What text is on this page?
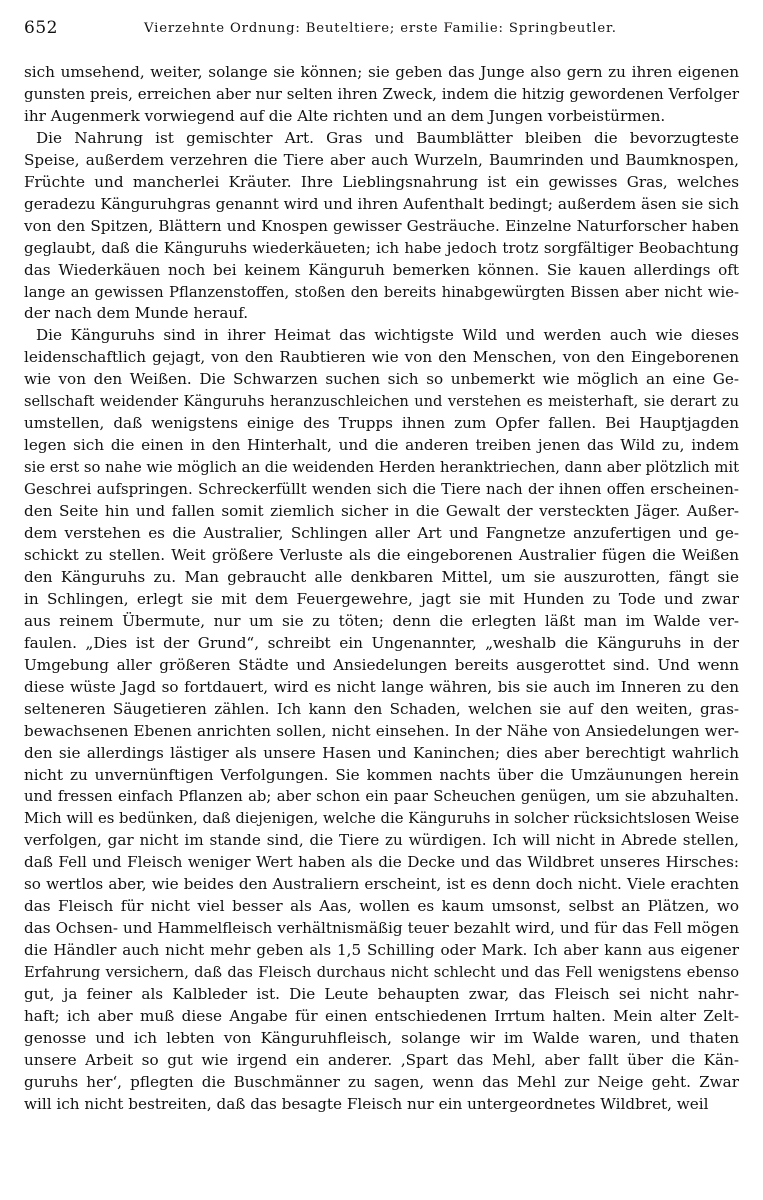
652	Vierzehnte Ordnung: Beuteltiere; erste Familie: Springbeutler.
sich umsehend, weiter, solange sie können; sie geben das Junge also gern zu ihren eigenen
gunsten preis, erreichen aber nur selten ihren Zweck, indem die hitzig gewordenen Verfolger
ihr Augenmerk vorwiegend auf die Alte richten und an dem Jungen vorbeistürmen.
Die Nahrung ist gemischter Art. Gras und Baumblätter bleiben die bevorzugteste
Speise, außerdem verzehren die Tiere aber auch Wurzeln, Baumrinden und Baumknospen,
Früchte und mancherlei Kräuter. Ihre Lieblingsnahrung ist ein gewisses Gras, welches
geradezu Känguruhgras genannt wird und ihren Aufenthalt bedingt; außerdem äsen sie sich
von den Spitzen, Blättern und Knospen gewisser Gesträuche. Einzelne Naturforscher haben
geglaubt, daß die Känguruhs wiederkäueten; ich habe jedoch trotz sorgfältiger Beobachtung
das Wiederkäuen noch bei keinem Känguruh bemerken können. Sie kauen allerdings oft
lange an gewissen Pflanzenstoffen, stoßen den bereits hinabgewürgten Bissen aber nicht wie-
der nach dem Munde herauf.
Die Känguruhs sind in ihrer Heimat das wichtigste Wild und werden auch wie dieses
leidenschaftlich gejagt, von den Raubtieren wie von den Menschen, von den Eingeborenen
wie von den Weißen. Die Schwarzen suchen sich so unbemerkt wie möglich an eine Ge-
sellschaft weidender Känguruhs heranzuschleichen und verstehen es meisterhaft, sie derart zu
umstellen, daß wenigstens einige des Trupps ihnen zum Opfer fallen. Bei Hauptjagden
legen sich die einen in den Hinterhalt, und die anderen treiben jenen das Wild zu, indem
sie erst so nahe wie möglich an die weidenden Herden heranktriechen, dann aber plötzlich mit
Geschrei aufspringen. Schreckerfüllt wenden sich die Tiere nach der ihnen offen erscheinen-
den Seite hin und fallen somit ziemlich sicher in die Gewalt der versteckten Jäger. Außer-
dem verstehen es die Australier, Schlingen aller Art und Fangnetze anzufertigen und ge-
schickt zu stellen. Weit größere Verluste als die eingeborenen Australier fügen die Weißen
den Känguruhs zu. Man gebraucht alle denkbaren Mittel, um sie auszurotten, fängt sie
in Schlingen, erlegt sie mit dem Feuergewehre, jagt sie mit Hunden zu Tode und zwar
aus reinem Übermute, nur um sie zu töten; denn die erlegten läßt man im Walde ver-
faulen. „Dies ist der Grund“, schreibt ein Ungenannter, „weshalb die Känguruhs in der
Umgebung aller größeren Städte und Ansiedelungen bereits ausgerottet sind. Und wenn
diese wüste Jagd so fortdauert, wird es nicht lange währen, bis sie auch im Inneren zu den
selteneren Säugetieren zählen. Ich kann den Schaden, welchen sie auf den weiten, gras-
bewachsenen Ebenen anrichten sollen, nicht einsehen. In der Nähe von Ansiedelungen wer-
den sie allerdings lästiger als unsere Hasen und Kaninchen; dies aber berechtigt wahrlich
nicht zu unvernünftigen Verfolgungen. Sie kommen nachts über die Umzäunungen herein
und fressen einfach Pflanzen ab; aber schon ein paar Scheuchen genügen, um sie abzuhalten.
Mich will es bedünken, daß diejenigen, welche die Känguruhs in solcher rücksichtslosen Weise
verfolgen, gar nicht im stande sind, die Tiere zu würdigen. Ich will nicht in Abrede stellen,
daß Fell und Fleisch weniger Wert haben als die Decke und das Wildbret unseres Hirsches:
so wertlos aber, wie beides den Australiern erscheint, ist es denn doch nicht. Viele erachten
das Fleisch für nicht viel besser als Aas, wollen es kaum umsonst, selbst an Plätzen, wo
das Ochsen- und Hammelfleisch verhältnismäßig teuer bezahlt wird, und für das Fell mögen
die Händler auch nicht mehr geben als 1,5 Schilling oder Mark. Ich aber kann aus eigener
Erfahrung versichern, daß das Fleisch durchaus nicht schlecht und das Fell wenigstens ebenso
gut, ja feiner als Kalbleder ist. Die Leute behaupten zwar, das Fleisch sei nicht nahr-
haft; ich aber muß diese Angabe für einen entschiedenen Irrtum halten. Mein alter Zelt-
genosse und ich lebten von Känguruhfleisch, solange wir im Walde waren, und thaten
unsere Arbeit so gut wie irgend ein anderer. ‚Spart das Mehl, aber fallt über die Kän-
guruhs her‘, pflegten die Buschmänner zu sagen, wenn das Mehl zur Neige geht. Zwar
will ich nicht bestreiten, daß das besagte Fleisch nur ein untergeordnetes Wildbret, weil
